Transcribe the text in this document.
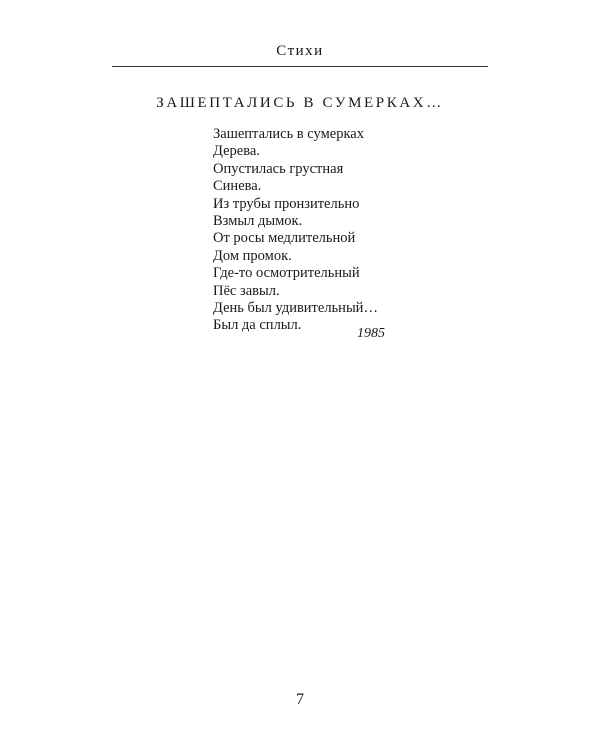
Стихи
ЗАШЕПТАЛИСЬ В СУМЕРКАХ…
Зашептались в сумерках
Дерева.
Опустилась грустная
Синева.
Из трубы пронзительно
Взмыл дымок.
От росы медлительной
Дом промок.
Где-то осмотрительный
Пёс завыл.
День был удивительный…
Был да сплыл.
1985
7
